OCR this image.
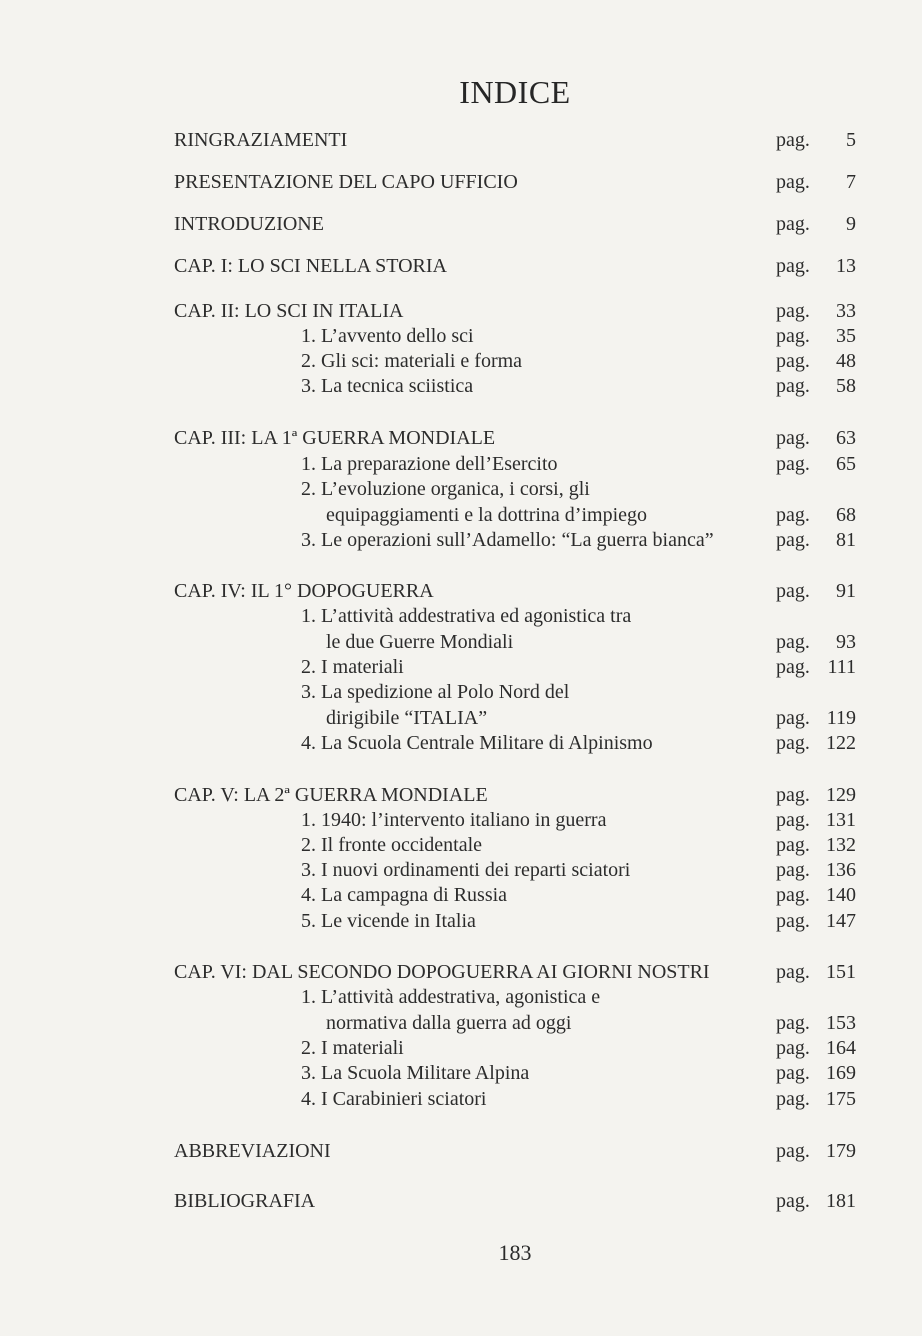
INDICE
RINGRAZIAMENTI	pag. 5
PRESENTAZIONE DEL CAPO UFFICIO	pag. 7
INTRODUZIONE	pag. 9
CAP. I: LO SCI NELLA STORIA	pag. 13
CAP. II: LO SCI IN ITALIA	pag. 33
1. L’avvento dello sci	pag. 35
2. Gli sci: materiali e forma	pag. 48
3. La tecnica sciistica	pag. 58
CAP. III: LA 1ª GUERRA MONDIALE	pag. 63
1. La preparazione dell’Esercito	pag. 65
2. L’evoluzione organica, i corsi, gli
equipaggiamenti e la dottrina d’impiego	pag. 68
3. Le operazioni sull’Adamello: “La guerra bianca”	pag. 81
CAP. IV: IL 1° DOPOGUERRA	pag. 91
1. L’attività addestrativa ed agonistica tra
le due Guerre Mondiali	pag. 93
2. I materiali	pag. 111
3. La spedizione al Polo Nord del
dirigibile “ITALIA”	pag. 119
4. La Scuola Centrale Militare di Alpinismo	pag. 122
CAP. V: LA 2ª GUERRA MONDIALE	pag. 129
1. 1940: l’intervento italiano in guerra	pag. 131
2. Il fronte occidentale	pag. 132
3. I nuovi ordinamenti dei reparti sciatori	pag. 136
4. La campagna di Russia	pag. 140
5. Le vicende in Italia	pag. 147
CAP. VI: DAL SECONDO DOPOGUERRA AI GIORNI NOSTRI	pag. 151
1. L’attività addestrativa, agonistica e
normativa dalla guerra ad oggi	pag. 153
2. I materiali	pag. 164
3. La Scuola Militare Alpina	pag. 169
4. I Carabinieri sciatori	pag. 175
ABBREVIAZIONI	pag. 179
BIBLIOGRAFIA	pag. 181
183
